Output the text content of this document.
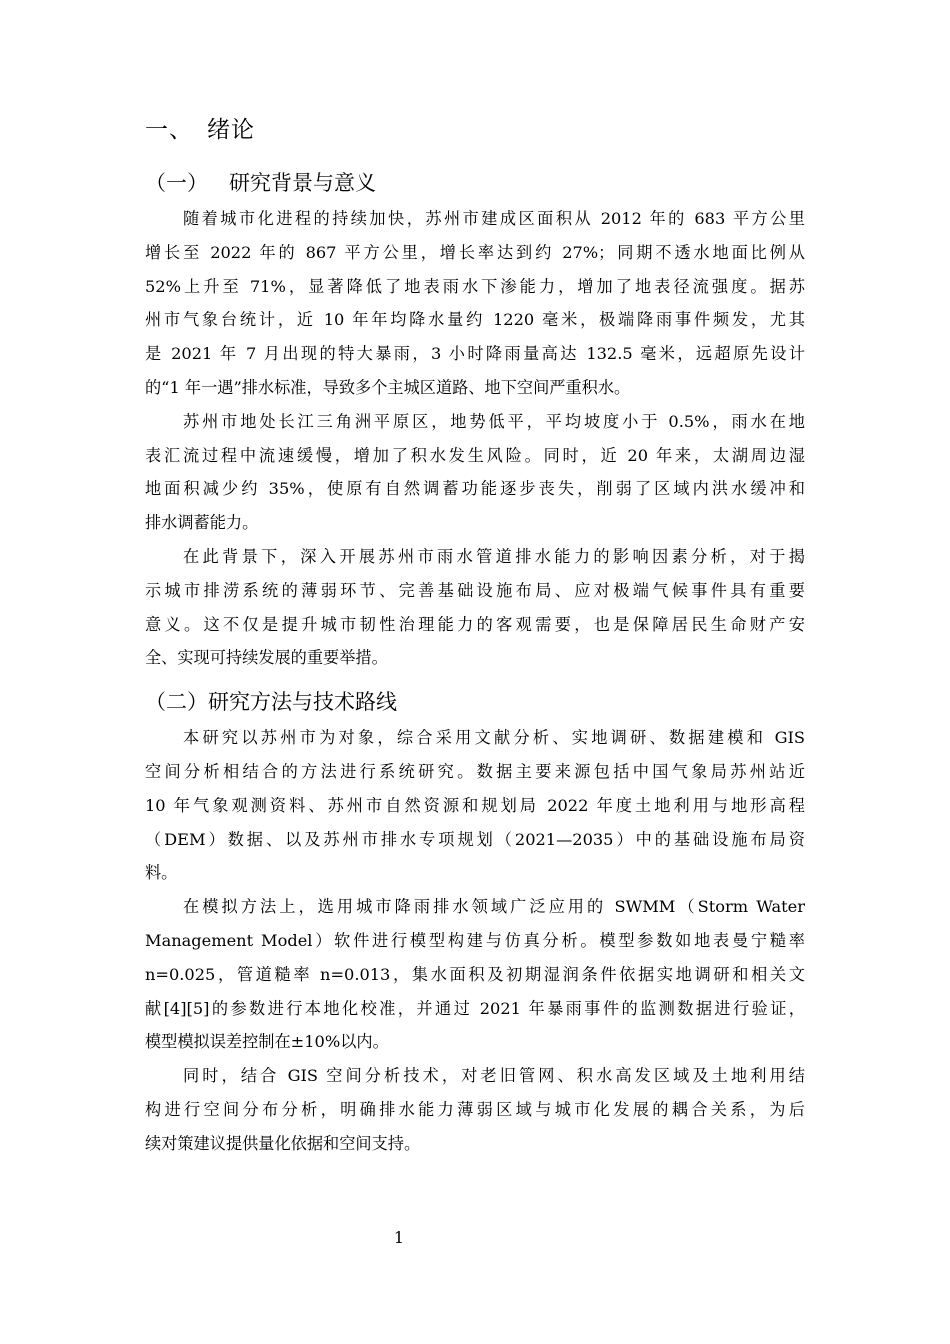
一、 绪论
（一） 研究背景与意义
随着城市化进程的持续加快，苏州市建成区面积从 2012 年的 683 平方公里
增长至 2022 年的 867 平方公里，增长率达到约 27%；同期不透水地面比例从
52%上升至 71%，显著降低了地表雨水下渗能力，增加了地表径流强度。据苏
州市气象台统计，近 10 年年均降水量约 1220 毫米，极端降雨事件频发，尤其
是 2021 年 7 月出现的特大暴雨，3 小时降雨量高达 132.5 毫米，远超原先设计
的“1 年一遇”排水标准，导致多个主城区道路、地下空间严重积水。
苏州市地处长江三角洲平原区，地势低平，平均坡度小于 0.5%，雨水在地
表汇流过程中流速缓慢，增加了积水发生风险。同时，近 20 年来，太湖周边湿
地面积减少约 35%，使原有自然调蓄功能逐步丧失，削弱了区域内洪水缓冲和
排水调蓄能力。
在此背景下，深入开展苏州市雨水管道排水能力的影响因素分析，对于揭
示城市排涝系统的薄弱环节、完善基础设施布局、应对极端气候事件具有重要
意义。这不仅是提升城市韧性治理能力的客观需要，也是保障居民生命财产安
全、实现可持续发展的重要举措。
（二）研究方法与技术路线
本研究以苏州市为对象，综合采用文献分析、实地调研、数据建模和 GIS
空间分析相结合的方法进行系统研究。数据主要来源包括中国气象局苏州站近
10 年气象观测资料、苏州市自然资源和规划局 2022 年度土地利用与地形高程
（DEM）数据、以及苏州市排水专项规划（2021—2035）中的基础设施布局资
料。
在模拟方法上，选用城市降雨排水领域广泛应用的 SWMM（Storm Water
Management Model）软件进行模型构建与仿真分析。模型参数如地表曼宁糙率
n=0.025，管道糙率 n=0.013，集水面积及初期湿润条件依据实地调研和相关文
献[4][5]的参数进行本地化校准，并通过 2021 年暴雨事件的监测数据进行验证，
模型模拟误差控制在±10%以内。
同时，结合 GIS 空间分析技术，对老旧管网、积水高发区域及土地利用结
构进行空间分布分析，明确排水能力薄弱区域与城市化发展的耦合关系，为后
续对策建议提供量化依据和空间支持。
1
